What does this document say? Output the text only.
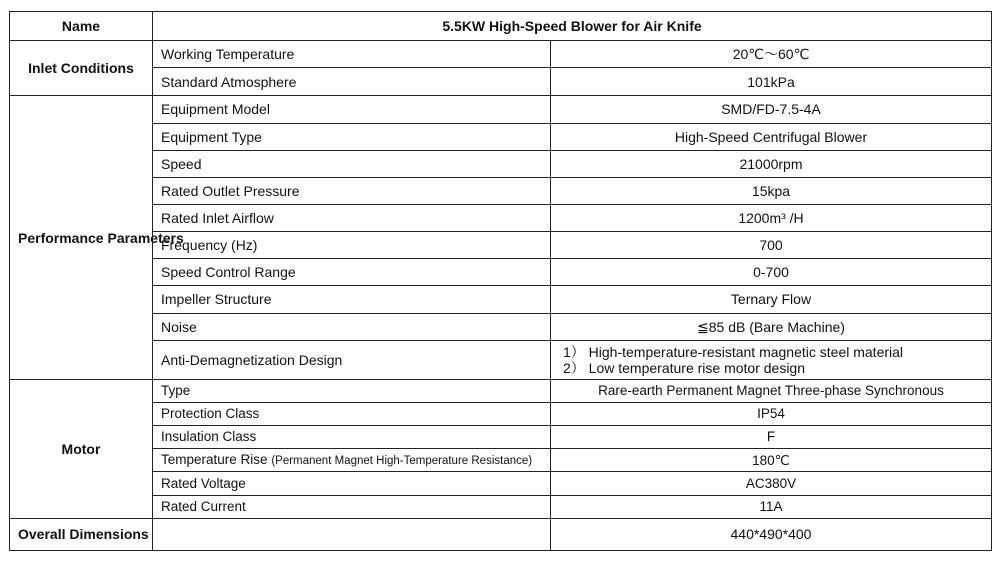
Name	5.5KW High-Speed Blower for Air Knife	
Inlet Conditions	Working Temperature	20℃～60℃
	Standard Atmosphere	101kPa
Performance Parameters	Equipment Model	SMD/FD-7.5-4A
	Equipment Type	High-Speed Centrifugal Blower
	Speed	21000rpm
	Rated Outlet Pressure	15kpa
	Rated Inlet Airflow	1200m³ /H
	Frequency (Hz)	700
	Speed Control Range	0-700
	Impeller Structure	Ternary Flow
	Noise	≦85 dB (Bare Machine)
	Anti-Demagnetization Design	1） High-temperature-resistant magnetic steel material
2） Low temperature rise motor design

Motor	Type	Rare-earth Permanent Magnet Three-phase Synchronous
	Protection Class	IP54
	Insulation Class	F
	Temperature Rise (Permanent Magnet High-Temperature Resistance)	180℃
	Rated Voltage	AC380V
	Rated Current	11A
Overall Dimensions		440*490*400
